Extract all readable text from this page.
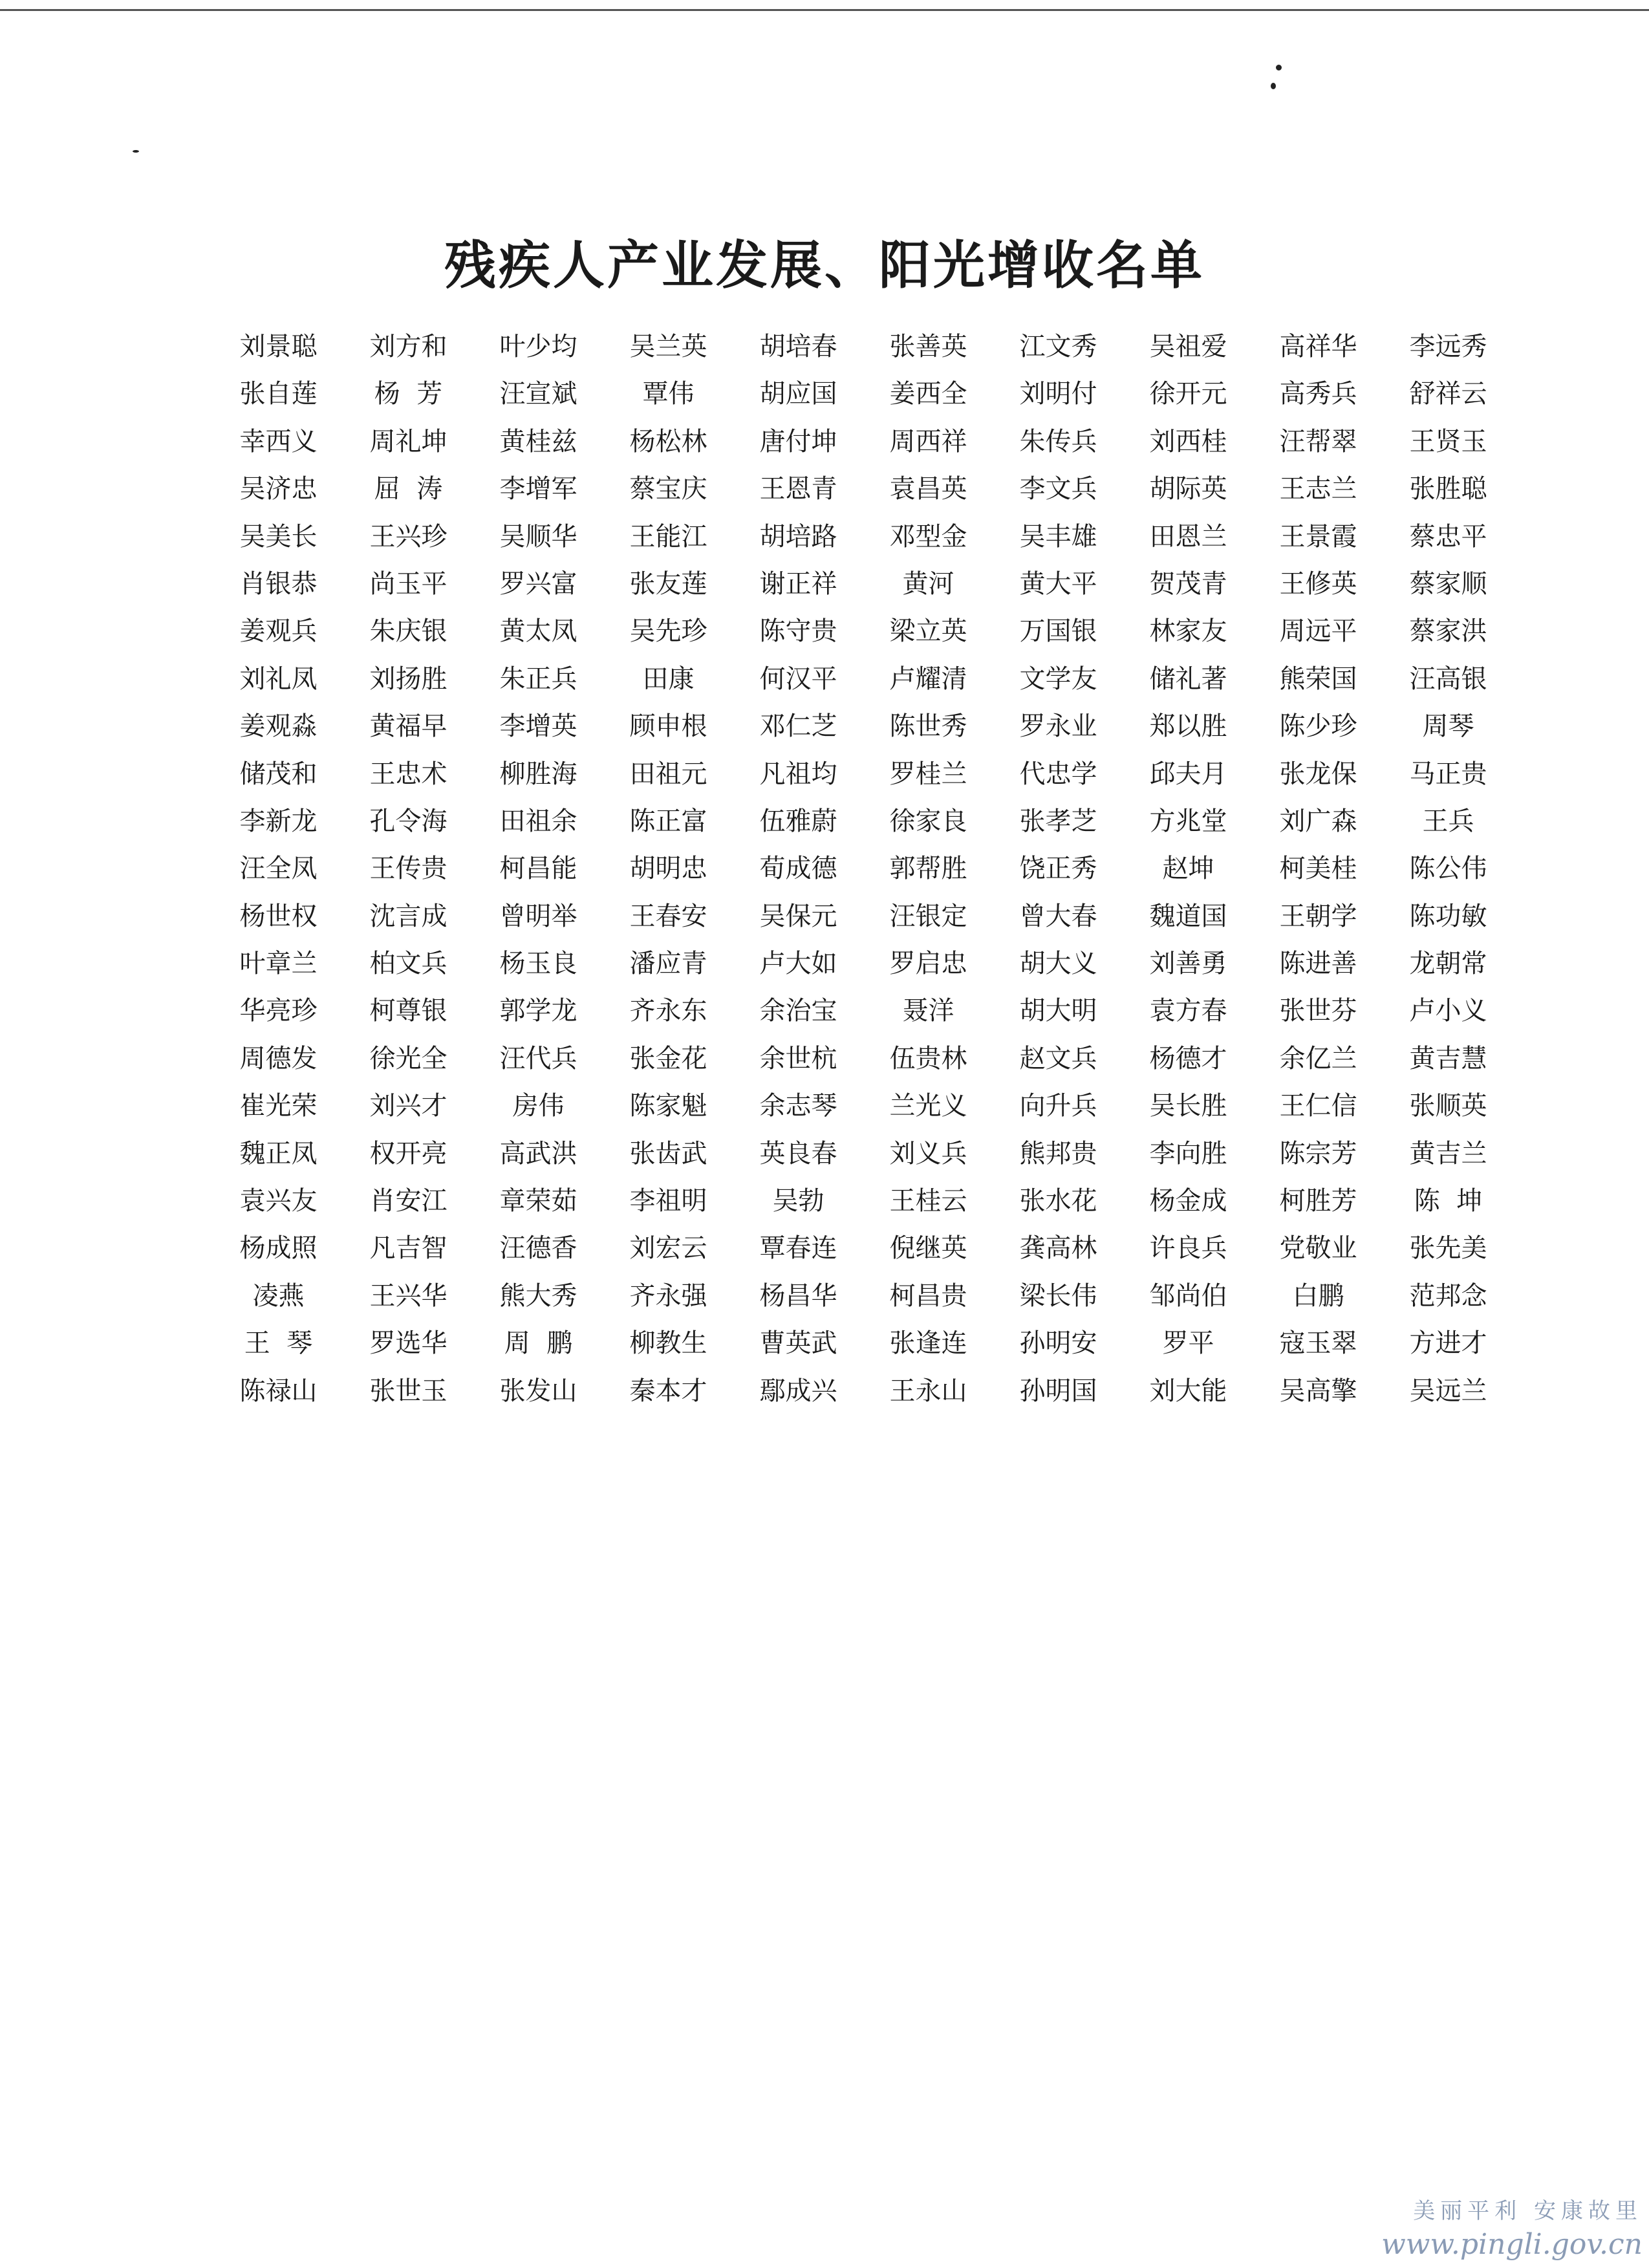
残疾人产业发展、阳光增收名单
刘景聪	刘方和	叶少均	吴兰英	胡培春	张善英	江文秀	吴祖爱	高祥华	李远秀
张自莲	杨  芳	汪宣斌	覃伟	胡应国	姜西全	刘明付	徐开元	高秀兵	舒祥云
幸西义	周礼坤	黄桂兹	杨松林	唐付坤	周西祥	朱传兵	刘西桂	汪帮翠	王贤玉
吴济忠	屈  涛	李增军	蔡宝庆	王恩青	袁昌英	李文兵	胡际英	王志兰	张胜聪
吴美长	王兴珍	吴顺华	王能江	胡培路	邓型金	吴丰雄	田恩兰	王景霞	蔡忠平
肖银恭	尚玉平	罗兴富	张友莲	谢正祥	黄河	黄大平	贺茂青	王修英	蔡家顺
姜观兵	朱庆银	黄太凤	吴先珍	陈守贵	梁立英	万国银	林家友	周远平	蔡家洪
刘礼凤	刘扬胜	朱正兵	田康	何汉平	卢耀清	文学友	储礼著	熊荣国	汪高银
姜观淼	黄福早	李增英	顾申根	邓仁芝	陈世秀	罗永业	郑以胜	陈少珍	周琴
储茂和	王忠术	柳胜海	田祖元	凡祖均	罗桂兰	代忠学	邱夫月	张龙保	马正贵
李新龙	孔令海	田祖余	陈正富	伍雅蔚	徐家良	张孝芝	方兆堂	刘广森	王兵
汪全凤	王传贵	柯昌能	胡明忠	荀成德	郭帮胜	饶正秀	赵坤	柯美桂	陈公伟
杨世权	沈言成	曾明举	王春安	吴保元	汪银定	曾大春	魏道国	王朝学	陈功敏
叶章兰	柏文兵	杨玉良	潘应青	卢大如	罗启忠	胡大义	刘善勇	陈进善	龙朝常
华亮珍	柯尊银	郭学龙	齐永东	余治宝	聂洋	胡大明	袁方春	张世芬	卢小义
周德发	徐光全	汪代兵	张金花	余世杭	伍贵林	赵文兵	杨德才	余亿兰	黄吉慧
崔光荣	刘兴才	房伟	陈家魁	余志琴	兰光义	向升兵	吴长胜	王仁信	张顺英
魏正凤	权开亮	高武洪	张齿武	英良春	刘义兵	熊邦贵	李向胜	陈宗芳	黄吉兰
袁兴友	肖安江	章荣茹	李祖明	吴勃	王桂云	张水花	杨金成	柯胜芳	陈  坤
杨成照	凡吉智	汪德香	刘宏云	覃春连	倪继英	龚高林	许良兵	党敬业	张先美
凌燕	王兴华	熊大秀	齐永强	杨昌华	柯昌贵	梁长伟	邹尚伯	白鹏	范邦念
王  琴	罗选华	周  鹏	柳教生	曹英武	张逢连	孙明安	罗平	寇玉翠	方进才
陈禄山	张世玉	张发山	秦本才	鄢成兴	王永山	孙明国	刘大能	吴高擎	吴远兰
美丽平利 安康故里
www.pingli.gov.cn
